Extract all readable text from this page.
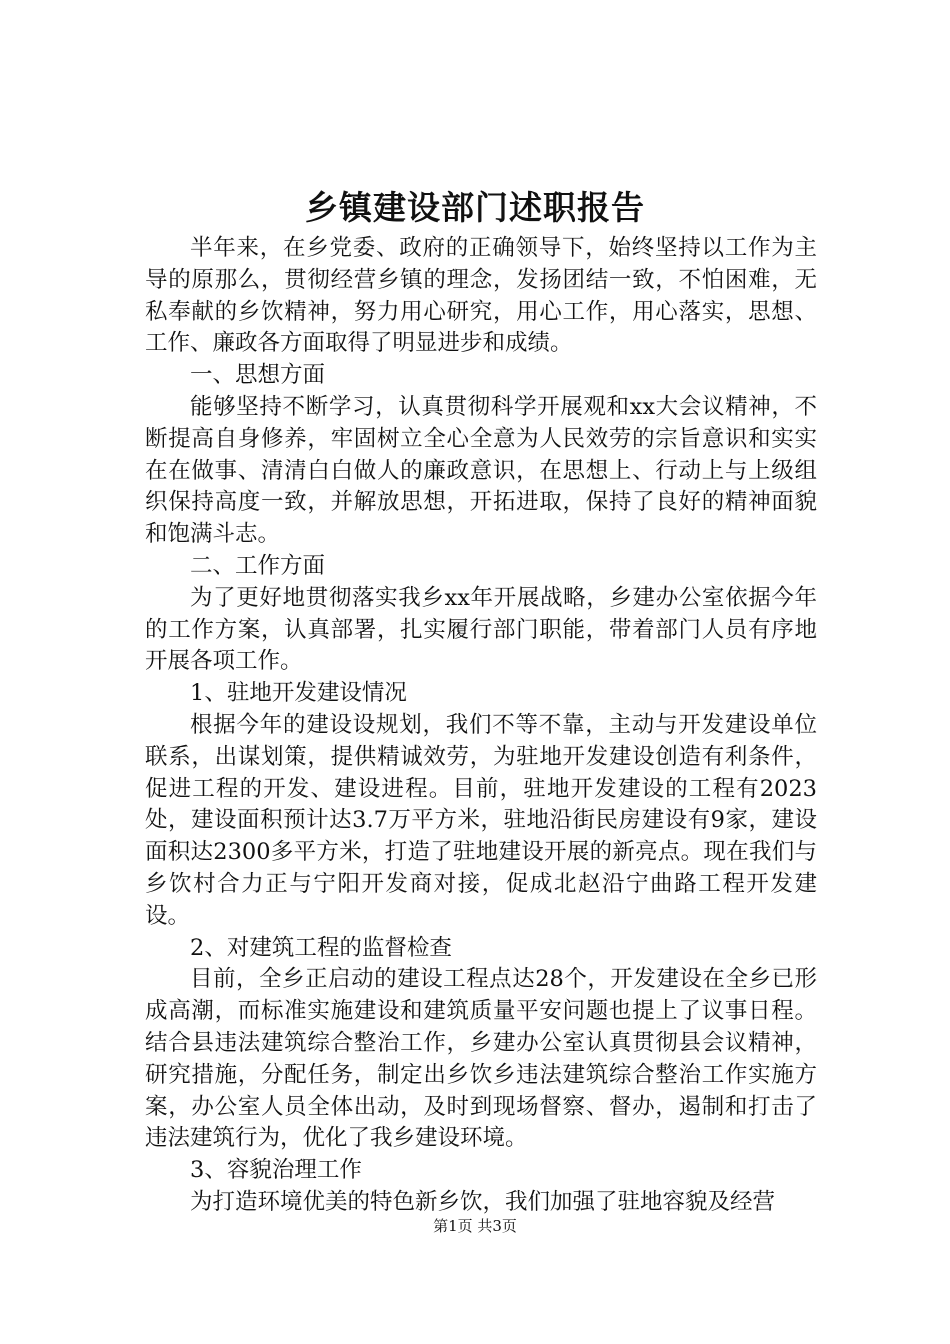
乡镇建设部门述职报告

半年来，在乡党委、政府的正确领导下，始终坚持以工作为主导的原那么，贯彻经营乡镇的理念，发扬团结一致，不怕困难，无私奉献的乡饮精神，努力用心研究，用心工作，用心落实，思想、工作、廉政各方面取得了明显进步和成绩。

一、思想方面

能够坚持不断学习，认真贯彻科学开展观和xx大会议精神，不断提高自身修养，牢固树立全心全意为人民效劳的宗旨意识和实实在在做事、清清白白做人的廉政意识，在思想上、行动上与上级组织保持高度一致，并解放思想，开拓进取，保持了良好的精神面貌和饱满斗志。

二、工作方面

为了更好地贯彻落实我乡xx年开展战略，乡建办公室依据今年的工作方案，认真部署，扎实履行部门职能，带着部门人员有序地开展各项工作。

1、驻地开发建设情况

根据今年的建设设规划，我们不等不靠，主动与开发建设单位联系，出谋划策，提供精诚效劳，为驻地开发建设创造有利条件，促进工程的开发、建设进程。目前，驻地开发建设的工程有2023处，建设面积预计达3.7万平方米，驻地沿街民房建设有9家，建设面积达2300多平方米，打造了驻地建设开展的新亮点。现在我们与乡饮村合力正与宁阳开发商对接，促成北赵沿宁曲路工程开发建设。

2、对建筑工程的监督检查

目前，全乡正启动的建设工程点达28个，开发建设在全乡已形成高潮，而标准实施建设和建筑质量平安问题也提上了议事日程。结合县违法建筑综合整治工作，乡建办公室认真贯彻县会议精神，研究措施，分配任务，制定出乡饮乡违法建筑综合整治工作实施方案，办公室人员全体出动，及时到现场督察、督办，遏制和打击了违法建筑行为，优化了我乡建设环境。

3、容貌治理工作

为打造环境优美的特色新乡饮，我们加强了驻地容貌及经营

第1页 共3页
